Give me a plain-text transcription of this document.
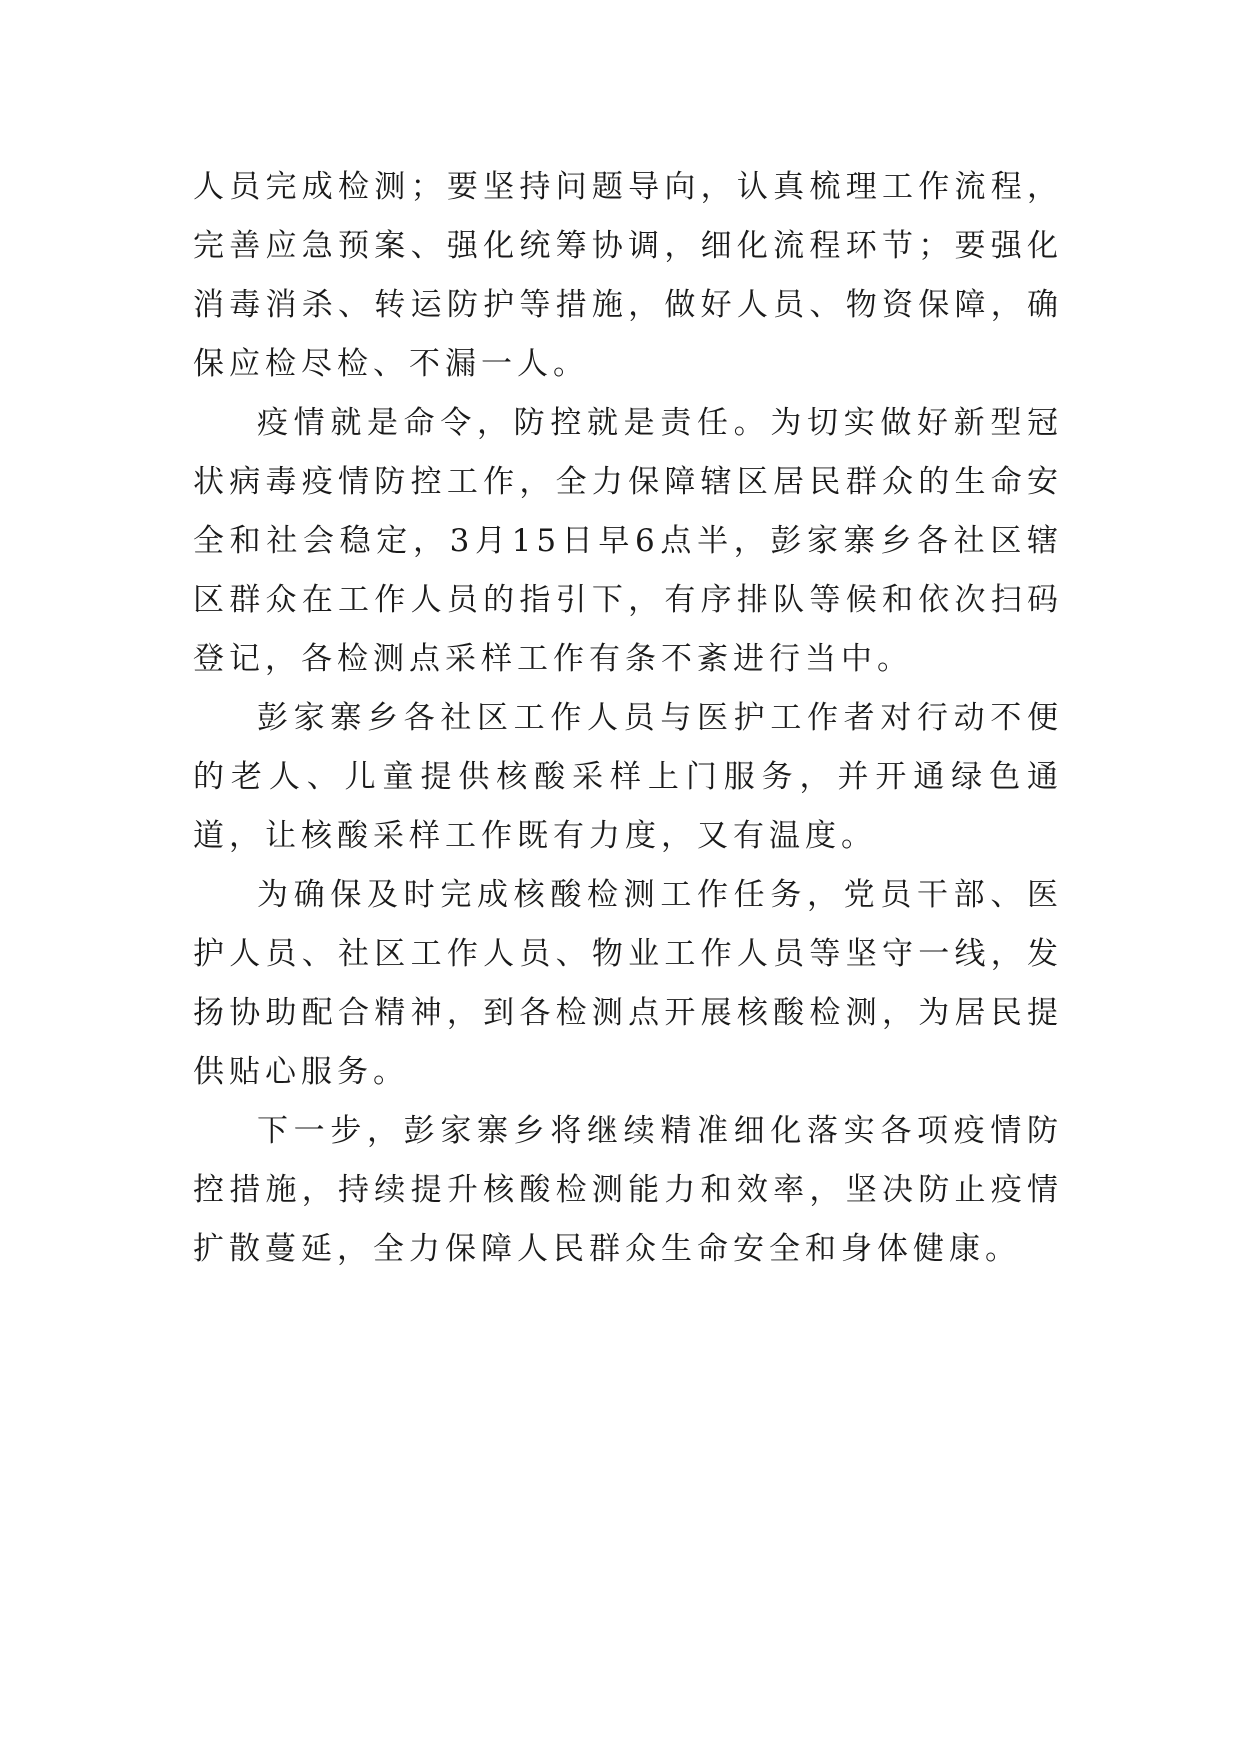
人员完成检测；要坚持问题导向，认真梳理工作流程，完善应急预案、强化统筹协调，细化流程环节；要强化消毒消杀、转运防护等措施，做好人员、物资保障，确保应检尽检、不漏一人。

疫情就是命令，防控就是责任。为切实做好新型冠状病毒疫情防控工作，全力保障辖区居民群众的生命安全和社会稳定，3月15日早6点半，彭家寨乡各社区辖区群众在工作人员的指引下，有序排队等候和依次扫码登记，各检测点采样工作有条不紊进行当中。

彭家寨乡各社区工作人员与医护工作者对行动不便的老人、儿童提供核酸采样上门服务，并开通绿色通道，让核酸采样工作既有力度，又有温度。

为确保及时完成核酸检测工作任务，党员干部、医护人员、社区工作人员、物业工作人员等坚守一线，发扬协助配合精神，到各检测点开展核酸检测，为居民提供贴心服务。

下一步，彭家寨乡将继续精准细化落实各项疫情防控措施，持续提升核酸检测能力和效率，坚决防止疫情扩散蔓延，全力保障人民群众生命安全和身体健康。
